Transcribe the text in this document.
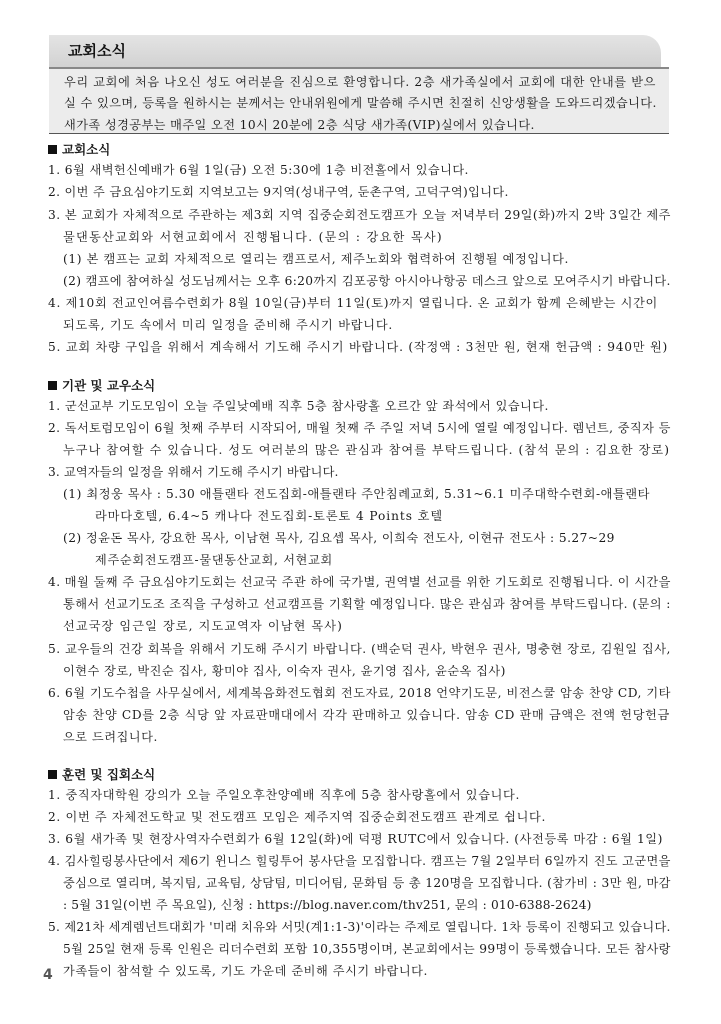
교회소식
우리 교회에 처음 나오신 성도 여러분을 진심으로 환영합니다. 2층 새가족실에서 교회에 대한 안내를 받으
실 수 있으며, 등록을 원하시는 분께서는 안내위원에게 말씀해 주시면 친절히 신앙생활을 도와드리겠습니다.
새가족 성경공부는 매주일 오전 10시 20분에 2층 식당 새가족(VIP)실에서 있습니다.
교회소식
1. 6월 새벽헌신예배가 6월 1일(금) 오전 5:30에 1층 비전홀에서 있습니다.
2. 이번 주 금요심야기도회 지역보고는 9지역(성내구역, 둔촌구역, 고덕구역)입니다.
3. 본 교회가 자체적으로 주관하는 제3회 지역 집중순회전도캠프가 오늘 저녁부터 29일(화)까지 2박 3일간 제주
물댄동산교회와 서현교회에서 진행됩니다. (문의 : 강요한 목사)
(1) 본 캠프는 교회 자체적으로 열리는 캠프로서, 제주노회와 협력하여 진행될 예정입니다.
(2) 캠프에 참여하실 성도님께서는 오후 6:20까지 김포공항 아시아나항공 데스크 앞으로 모여주시기 바랍니다.
4. 제10회 전교인여름수련회가 8월 10일(금)부터 11일(토)까지 열립니다. 온 교회가 함께 은혜받는 시간이
되도록, 기도 속에서 미리 일정을 준비해 주시기 바랍니다.
5. 교회 차량 구입을 위해서 계속해서 기도해 주시기 바랍니다. (작정액 : 3천만 원, 현재 헌금액 : 940만 원)
기관 및 교우소식
1. 군선교부 기도모임이 오늘 주일낮예배 직후 5층 참사랑홀 오르간 앞 좌석에서 있습니다.
2. 독서토럼모임이 6월 첫째 주부터 시작되어, 매월 첫째 주 주일 저녁 5시에 열릴 예정입니다. 렘넌트, 중직자 등
누구나 참여할 수 있습니다. 성도 여러분의 많은 관심과 참여를 부탁드립니다. (참석 문의 : 김요한 장로)
3. 교역자들의 일정을 위해서 기도해 주시기 바랍니다.
(1) 최정웅 목사 : 5.30 애틀랜타 전도집회-애틀랜타 주안침례교회, 5.31~6.1 미주대학수련회-애틀랜타
라마다호텔, 6.4~5 캐나다 전도집회-토론토 4 Points 호텔
(2) 정윤돈 목사, 강요한 목사, 이남현 목사, 김요셉 목사, 이희숙 전도사, 이현규 전도사 : 5.27~29
제주순회전도캠프-물댄동산교회, 서현교회
4. 매월 둘째 주 금요심야기도회는 선교국 주관 하에 국가별, 권역별 선교를 위한 기도회로 진행됩니다. 이 시간을
통해서 선교기도조 조직을 구성하고 선교캠프를 기획할 예정입니다. 많은 관심과 참여를 부탁드립니다. (문의 :
선교국장 임근일 장로, 지도교역자 이남현 목사)
5. 교우들의 건강 회복을 위해서 기도해 주시기 바랍니다. (백순덕 권사, 박현우 권사, 명충현 장로, 김원일 집사,
이현수 장로, 박진순 집사, 황미야 집사, 이숙자 권사, 윤기영 집사, 윤순옥 집사)
6. 6월 기도수첩을 사무실에서, 세계복음화전도협회 전도자료, 2018 언약기도문, 비전스쿨 암송 찬양 CD, 기타
암송 찬양 CD를 2층 식당 앞 자료판매대에서 각각 판매하고 있습니다. 암송 CD 판매 금액은 전액 헌당헌금
으로 드려집니다.
훈련 및 집회소식
1. 중직자대학원 강의가 오늘 주일오후찬양예배 직후에 5층 참사랑홀에서 있습니다.
2. 이번 주 자체전도학교 및 전도캠프 모임은 제주지역 집중순회전도캠프 관계로 쉽니다.
3. 6월 새가족 및 현장사역자수련회가 6월 12일(화)에 덕평 RUTC에서 있습니다. (사전등록 마감 : 6월 1일)
4. 김사힐링봉사단에서 제6기 윈니스 힐링투어 봉사단을 모집합니다. 캠프는 7월 2일부터 6일까지 진도 고군면을
중심으로 열리며, 복지팀, 교육팀, 상담팀, 미디어팀, 문화팀 등 총 120명을 모집합니다. (참가비 : 3만 원, 마감
: 5월 31일(이번 주 목요일), 신청 : https://blog.naver.com/thv251, 문의 : 010-6388-2624)
5. 제21차 세계렘넌트대회가 '미래 치유와 서밋(계1:1-3)'이라는 주제로 열립니다. 1차 등록이 진행되고 있습니다.
5월 25일 현재 등록 인원은 리더수련회 포함 10,355명이며, 본교회에서는 99명이 등록했습니다. 모든 참사랑
가족들이 참석할 수 있도록, 기도 가운데 준비해 주시기 바랍니다.
4
